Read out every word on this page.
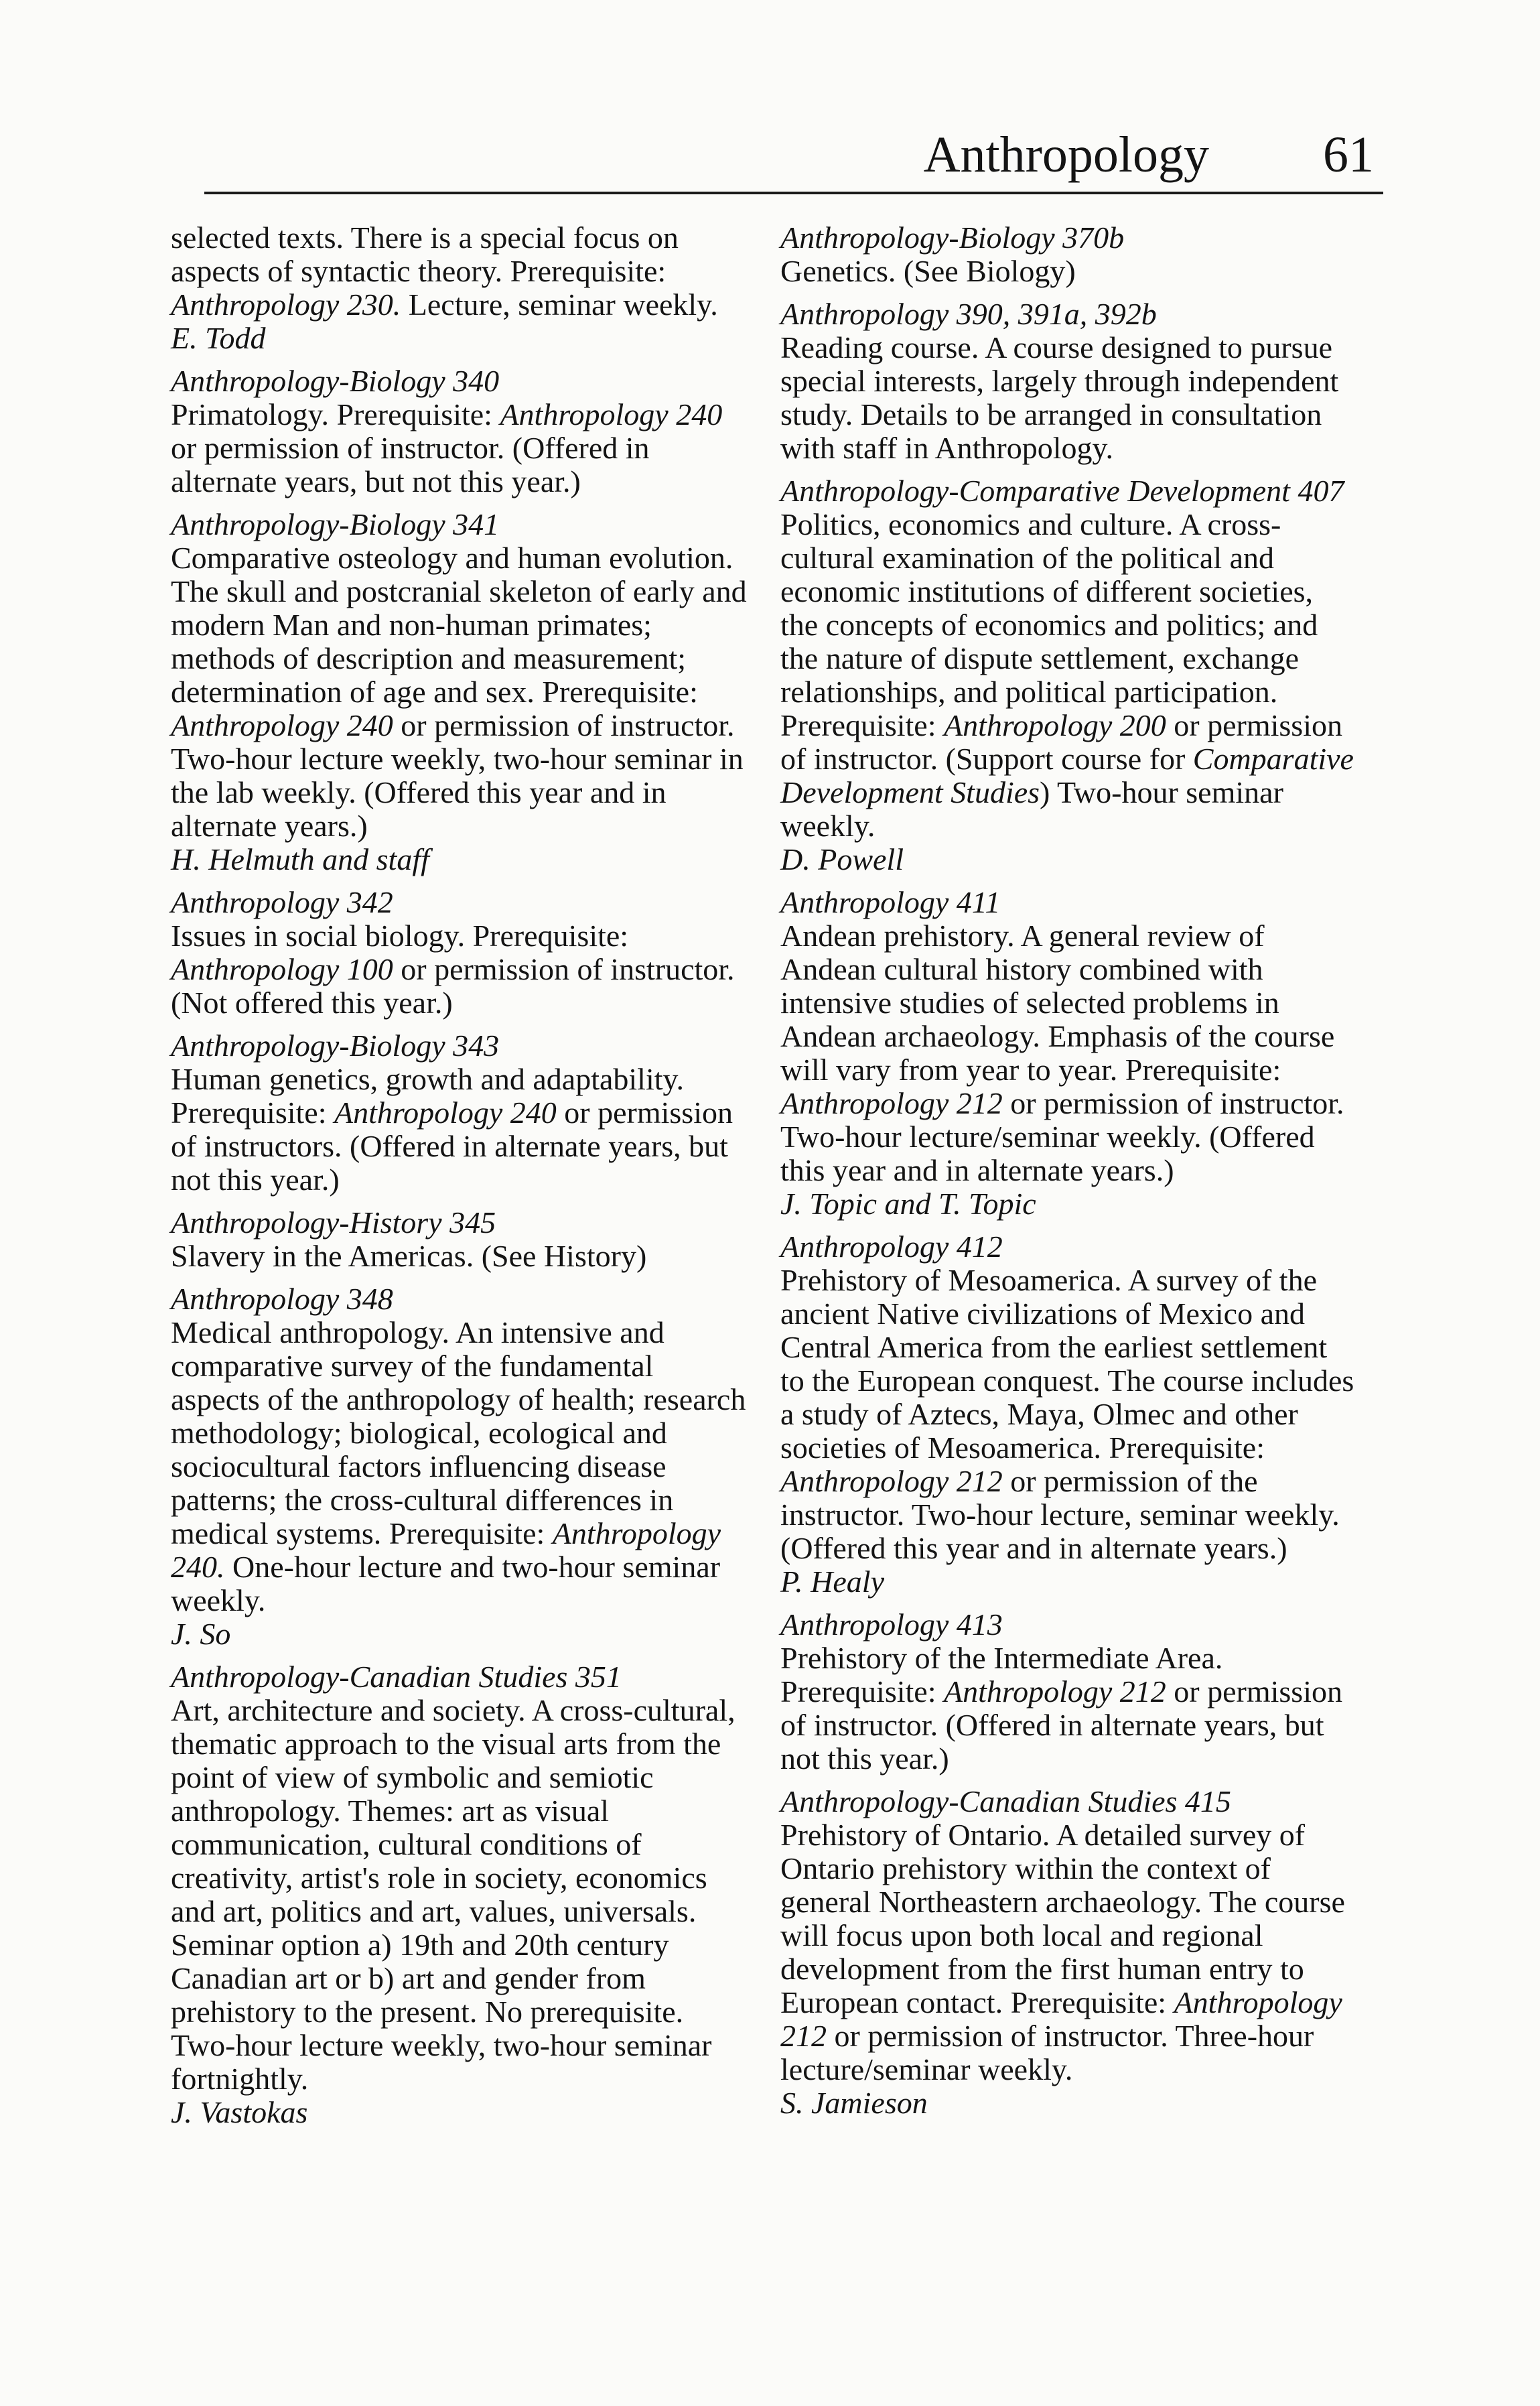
Anthropology 61

selected texts. There is a special focus on aspects of syntactic theory. Prerequisite: Anthropology 230. Lecture, seminar weekly.

E. Todd

Anthropology-Biology 340

Primatology. Prerequisite: Anthropology 240 or permission of instructor. (Offered in alternate years, but not this year.)

Anthropology-Biology 341

Comparative osteology and human evolution. The skull and postcranial skeleton of early and modern Man and non-human primates; methods of description and measurement; determination of age and sex. Prerequisite: Anthropology 240 or permission of instructor. Two-hour lecture weekly, two-hour seminar in the lab weekly. (Offered this year and in alternate years.)

H. Helmuth and staff

Anthropology 342

Issues in social biology. Prerequisite: Anthropology 100 or permission of instructor. (Not offered this year.)

Anthropology-Biology 343

Human genetics, growth and adaptability. Prerequisite: Anthropology 240 or permission of instructors. (Offered in alternate years, but not this year.)

Anthropology-History 345

Slavery in the Americas. (See History)

Anthropology 348

Medical anthropology. An intensive and comparative survey of the fundamental aspects of the anthropology of health; research methodology; biological, ecological and sociocultural factors influencing disease patterns; the cross-cultural differences in medical systems. Prerequisite: Anthropology 240. One-hour lecture and two-hour seminar weekly.

J. So

Anthropology-Canadian Studies 351

Art, architecture and society. A cross-cultural, thematic approach to the visual arts from the point of view of symbolic and semiotic anthropology. Themes: art as visual communication, cultural conditions of creativity, artist's role in society, economics and art, politics and art, values, universals. Seminar option a) 19th and 20th century Canadian art or b) art and gender from prehistory to the present. No prerequisite. Two-hour lecture weekly, two-hour seminar fortnightly.

J. Vastokas

Anthropology-Biology 370b

Genetics. (See Biology)

Anthropology 390, 391a, 392b

Reading course. A course designed to pursue special interests, largely through independent study. Details to be arranged in consultation with staff in Anthropology.

Anthropology-Comparative Development 407

Politics, economics and culture. A cross-cultural examination of the political and economic institutions of different societies, the concepts of economics and politics; and the nature of dispute settlement, exchange relationships, and political participation. Prerequisite: Anthropology 200 or permission of instructor. (Support course for Comparative Development Studies) Two-hour seminar weekly.

D. Powell

Anthropology 411

Andean prehistory. A general review of Andean cultural history combined with intensive studies of selected problems in Andean archaeology. Emphasis of the course will vary from year to year. Prerequisite: Anthropology 212 or permission of instructor. Two-hour lecture/seminar weekly. (Offered this year and in alternate years.)

J. Topic and T. Topic

Anthropology 412

Prehistory of Mesoamerica. A survey of the ancient Native civilizations of Mexico and Central America from the earliest settlement to the European conquest. The course includes a study of Aztecs, Maya, Olmec and other societies of Mesoamerica. Prerequisite: Anthropology 212 or permission of the instructor. Two-hour lecture, seminar weekly. (Offered this year and in alternate years.)

P. Healy

Anthropology 413

Prehistory of the Intermediate Area. Prerequisite: Anthropology 212 or permission of instructor. (Offered in alternate years, but not this year.)

Anthropology-Canadian Studies 415

Prehistory of Ontario. A detailed survey of Ontario prehistory within the context of general Northeastern archaeology. The course will focus upon both local and regional development from the first human entry to European contact. Prerequisite: Anthropology 212 or permission of instructor. Three-hour lecture/seminar weekly.

S. Jamieson
